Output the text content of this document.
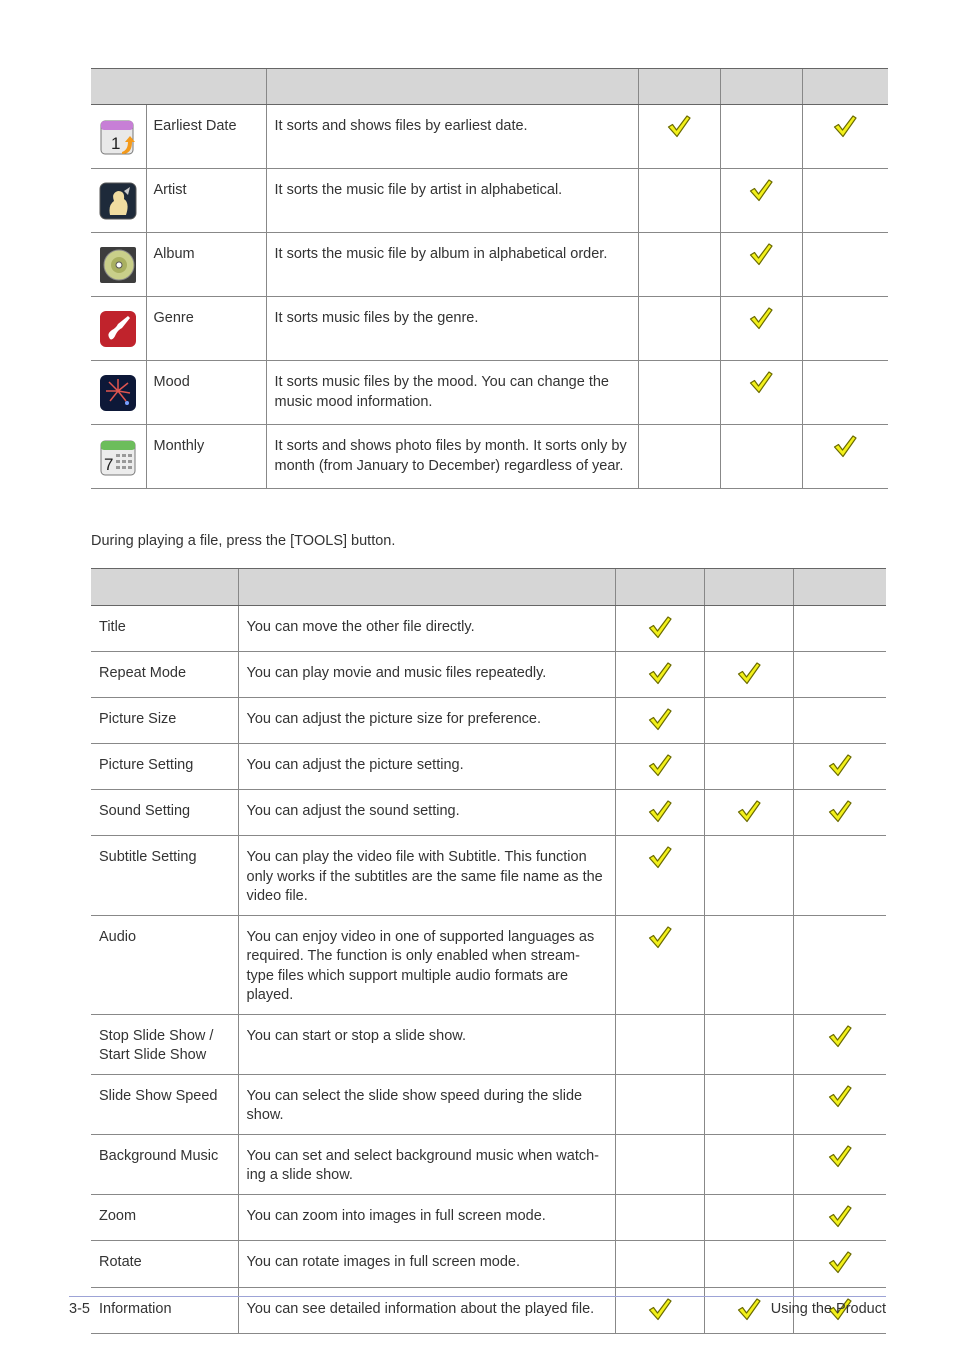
1	Earliest Date	It sorts and shows files by earliest date.			

	Artist	It sorts the music file by artist in alphabetical.			

	Album	It sorts the music file by album in alphabetical order.			

	Genre	It sorts music files by the genre.			

	Mood	It sorts music files by the mood. You can change the music mood information.			

7	Monthly	It sorts and shows photo files by month. It sorts only by month (from January to December) regardless of year.			
During playing a file, press the [TOOLS] button.

Title	You can move the other file directly.			
Repeat Mode	You can play movie and music files repeatedly.			
Picture Size	You can adjust the picture size for preference.			
Picture Setting	You can adjust the picture setting.			
Sound Setting	You can adjust the sound setting.			
Subtitle Setting	You can play the video file with Subtitle. This function only works if the subtitles are the same file name as the video file.			
Audio	You can enjoy video in one of supported languages as required. The function is only enabled when stream-type files which support multiple audio formats are played.			
Stop Slide Show / Start Slide Show	You can start or stop a slide show.			
Slide Show Speed	You can select the slide show speed during the slide show.			
Background Music	You can set and select background music when watch-ing a slide show.			
Zoom	You can zoom into images in full screen mode.			
Rotate	You can rotate images in full screen mode.			
Information	You can see detailed information about the played file.			
3-5	Using the Product
